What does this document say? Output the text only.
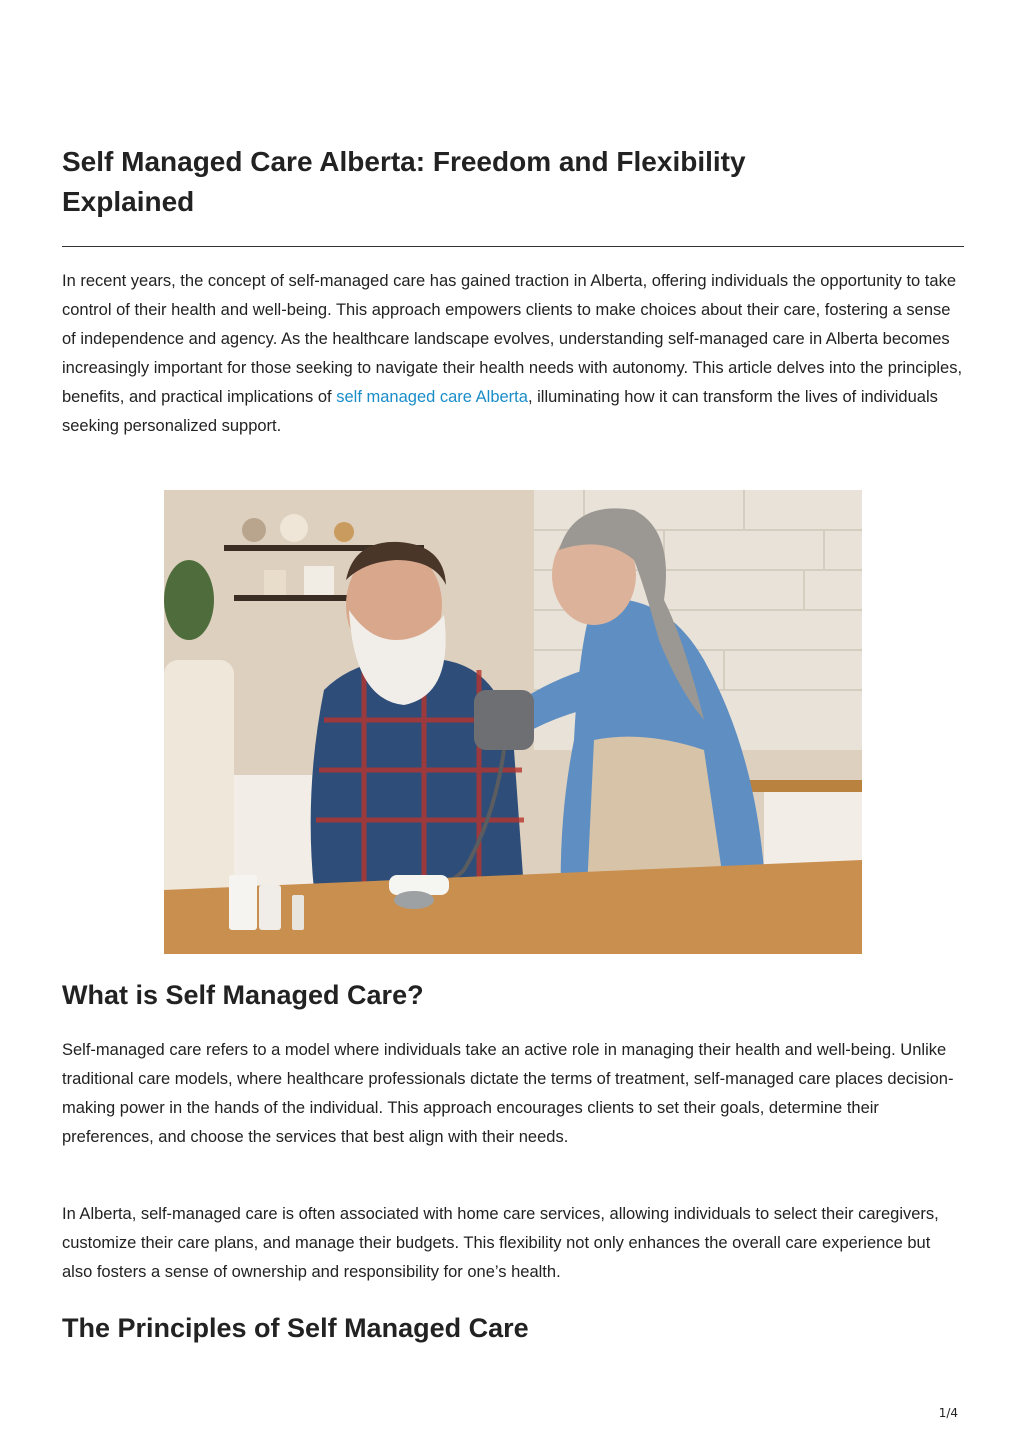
Self Managed Care Alberta: Freedom and Flexibility Explained

In recent years, the concept of self-managed care has gained traction in Alberta, offering individuals the opportunity to take control of their health and well-being. This approach empowers clients to make choices about their care, fostering a sense of independence and agency. As the healthcare landscape evolves, understanding self-managed care in Alberta becomes increasingly important for those seeking to navigate their health needs with autonomy. This article delves into the principles, benefits, and practical implications of self managed care Alberta, illuminating how it can transform the lives of individuals seeking personalized support.

What is Self Managed Care?

Self-managed care refers to a model where individuals take an active role in managing their health and well-being. Unlike traditional care models, where healthcare professionals dictate the terms of treatment, self-managed care places decision-making power in the hands of the individual. This approach encourages clients to set their goals, determine their preferences, and choose the services that best align with their needs.

In Alberta, self-managed care is often associated with home care services, allowing individuals to select their caregivers, customize their care plans, and manage their budgets. This flexibility not only enhances the overall care experience but also fosters a sense of ownership and responsibility for one’s health.

The Principles of Self Managed Care
1/4
